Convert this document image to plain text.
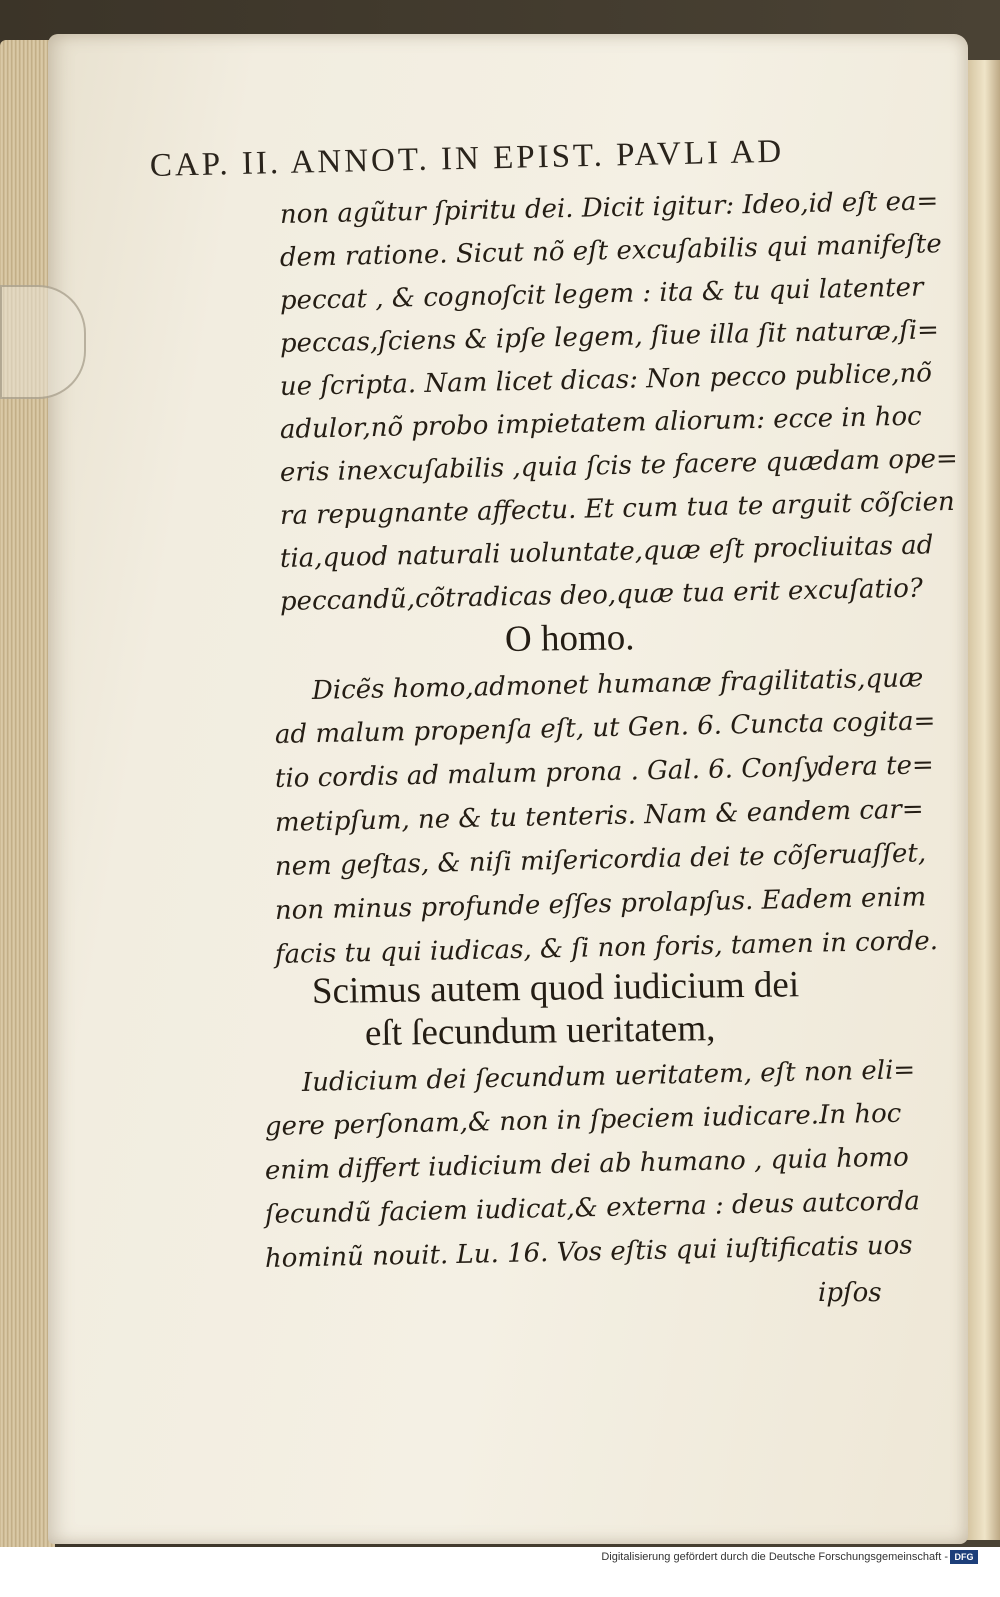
CAP. II. ANNOT. IN EPIST. PAVLI AD
non agũtur ſpiritu dei. Dicit igitur: Ideo,id eſt ea=
dem ratione. Sicut nõ eſt excuſabilis qui manifeſte
peccat , & cognoſcit legem : ita & tu qui latenter
peccas,ſciens & ipſe legem, ſiue illa ſit naturæ,ſi=
ue ſcripta. Nam licet dicas: Non pecco publice,nõ
adulor,nõ probo impietatem aliorum: ecce in hoc
eris inexcuſabilis ,quia ſcis te facere quædam ope=
ra repugnante affectu. Et cum tua te arguit cõſcien
tia,quod naturali uoluntate,quæ eſt procliuitas ad
peccandũ,cõtradicas deo,quæ tua erit excuſatio?
O homo.
Dicẽs homo,admonet humanæ fragilitatis,quæ
ad malum propenſa eſt, ut Gen. 6. Cuncta cogita=
tio cordis ad malum prona . Gal. 6. Conſydera te=
metipſum, ne & tu tenteris. Nam & eandem car=
nem geſtas, & niſi miſericordia dei te cõſeruaſſet,
non minus profunde eſſes prolapſus. Eadem enim
facis tu qui iudicas, & ſi non foris, tamen in corde.
Scimus autem quod iudicium dei
eſt ſecundum ueritatem,
Iudicium dei ſecundum ueritatem, eſt non eli=
gere perſonam,& non in ſpeciem iudicare.In hoc
enim differt iudicium dei ab humano , quia homo
ſecundũ faciem iudicat,& externa : deus autcorda
hominũ nouit. Lu. 16. Vos eſtis qui iuſtificatis uos
ipſos
Digitalisierung gefördert durch die Deutsche Forschungsgemeinschaft - DFG
